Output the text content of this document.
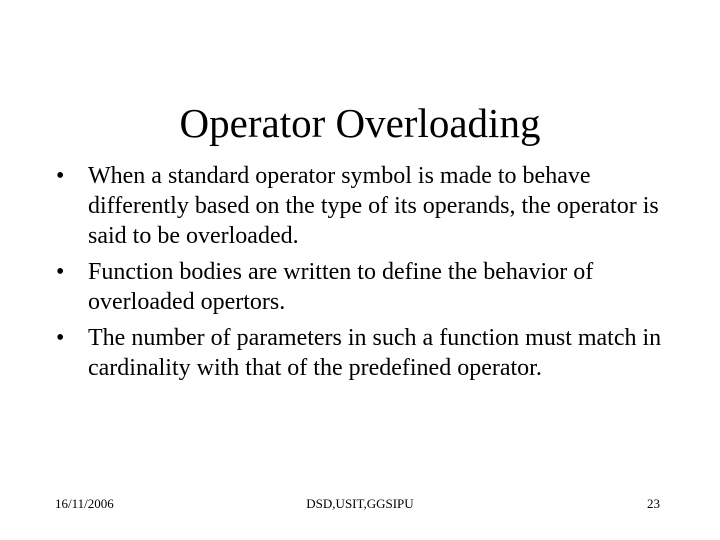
Operator Overloading
• When a standard operator symbol is made to behave differently based on the type of its operands, the operator is said to be overloaded.
• Function bodies are written to define the behavior of overloaded opertors.
• The number of parameters in such a function must match in cardinality with that of the predefined operator.
16/11/2006	DSD,USIT,GGSIPU	23
